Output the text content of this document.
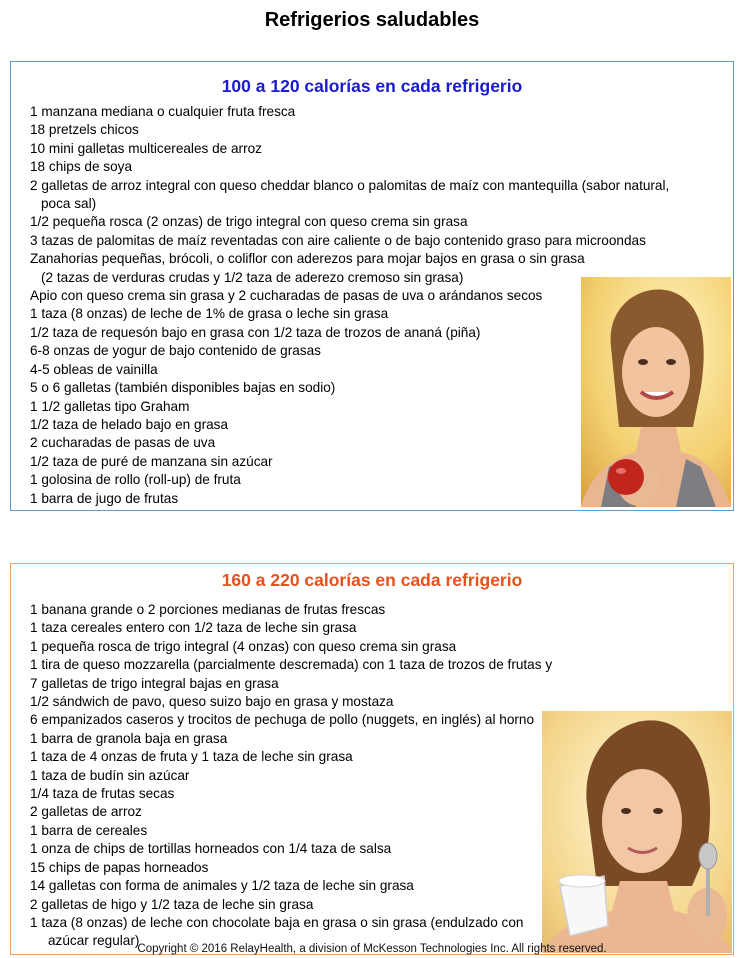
Refrigerios saludables
100 a 120 calorías en cada refrigerio
1 manzana mediana o cualquier fruta fresca
18 pretzels chicos
10 mini galletas multicereales de arroz
18 chips de soya
2 galletas de arroz integral con queso cheddar blanco o palomitas de maíz con mantequilla (sabor natural,
poca sal)
1/2 pequeña rosca (2 onzas) de trigo integral con queso crema sin grasa
3 tazas de palomitas de maíz reventadas con aire caliente o de bajo contenido graso para microondas
Zanahorias pequeñas, brócoli, o coliflor con aderezos para mojar bajos en grasa o sin grasa
(2 tazas de verduras crudas y 1/2 taza de aderezo cremoso sin grasa)
Apio con queso crema sin grasa y 2 cucharadas de pasas de uva o arándanos secos
1 taza (8 onzas) de leche de 1% de grasa o leche sin grasa
1/2 taza de requesón bajo en grasa con 1/2 taza de trozos de ananá (piña)
6-8 onzas de yogur de bajo contenido de grasas
4-5 obleas de vainilla
5 o 6 galletas (también disponibles bajas en sodio)
1 1/2 galletas tipo Graham
1/2 taza de helado bajo en grasa
2 cucharadas de pasas de uva
1/2 taza de puré de manzana sin azúcar
1 golosina de rollo (roll-up) de fruta
1 barra de jugo de frutas
160 a 220 calorías en cada refrigerio
1 banana grande o 2 porciones medianas de frutas frescas
1 taza cereales entero con 1/2 taza de leche sin grasa
1 pequeña rosca de trigo integral (4 onzas) con queso crema sin grasa
1 tira de queso mozzarella (parcialmente descremada) con 1 taza de trozos de frutas y
7 galletas de trigo integral bajas en grasa
1/2 sándwich de pavo, queso suizo bajo en grasa y mostaza
6 empanizados caseros y trocitos de pechuga de pollo (nuggets, en inglés) al horno
1 barra de granola baja en grasa
1 taza de 4 onzas de fruta y 1 taza de leche sin grasa
1 taza de budín sin azúcar
1/4 taza de frutas secas
2 galletas de arroz
1 barra de cereales
1 onza de chips de tortillas horneados con 1/4 taza de salsa
15 chips de papas horneados
14 galletas con forma de animales y 1/2 taza de leche sin grasa
2 galletas de higo y 1/2 taza de leche sin grasa
1 taza (8 onzas) de leche con chocolate baja en grasa o sin grasa (endulzado con
azúcar regular)
Copyright © 2016 RelayHealth, a division of McKesson Technologies Inc. All rights reserved.
